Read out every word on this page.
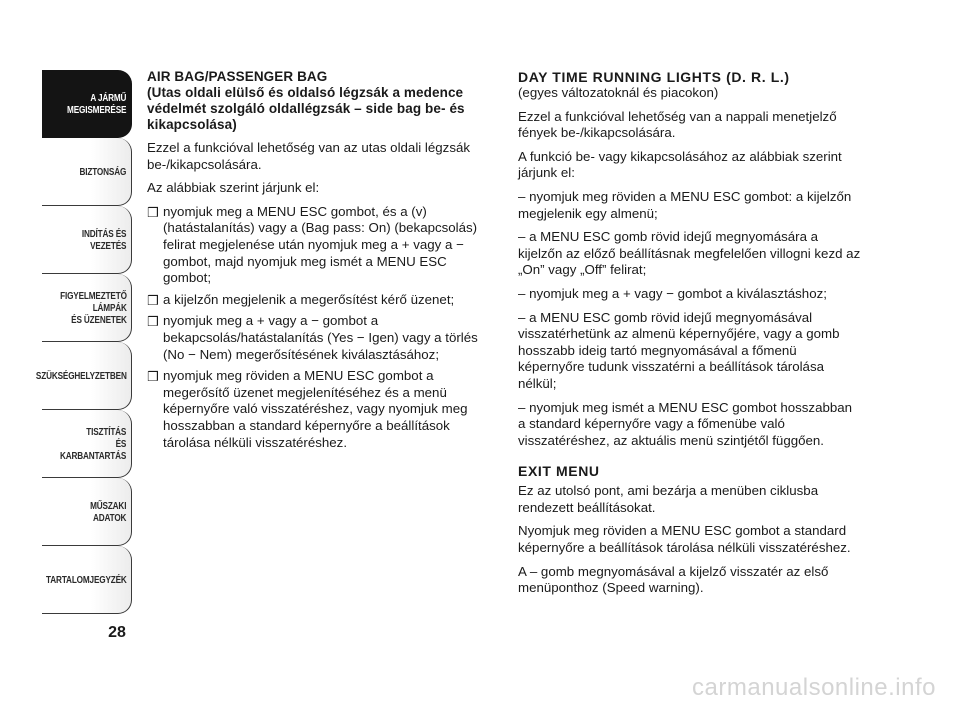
A JÁRMŰ
MEGISMERÉSE
BIZTONSÁG
INDÍTÁS ÉS VEZETÉS
FIGYELMEZTETŐ
LÁMPÁK
ÉS ÜZENETEK
SZÜKSÉGHELYZETBEN
TISZTÍTÁS
ÉS KARBANTARTÁS
MŰSZAKI ADATOK
TARTALOMJEGYZÉK
28
AIR BAG/PASSENGER BAG
(Utas oldali elülső és oldalsó légzsák a medence védelmét szolgáló oldallégzsák – side bag be- és kikapcsolása)

Ezzel a funkcióval lehetőség van az utas oldali légzsák be-/kikapcsolására.

Az alábbiak szerint járjunk el:

❒ nyomjuk meg a MENU ESC gombot, és a (v) (hatástalanítás) vagy a (Bag pass: On) (bekapcsolás) felirat megjelenése után nyomjuk meg a + vagy a − gombot, majd nyomjuk meg ismét a MENU ESC gombot;
❒ a kijelzőn megjelenik a megerősítést kérő üzenet;
❒ nyomjuk meg a + vagy a − gombot a bekapcsolás/hatástalanítás (Yes − Igen) vagy a törlés (No − Nem) megerősítésének kiválasztásához;
❒ nyomjuk meg röviden a MENU ESC gombot a megerősítő üzenet megjelenítéséhez és a menü képernyőre való visszatéréshez, vagy nyomjuk meg hosszabban a standard képernyőre a beállítások tárolása nélküli visszatéréshez.
DAY TIME RUNNING LIGHTS (D. R. L.)

(egyes változatoknál és piacokon)

Ezzel a funkcióval lehetőség van a nappali menetjelző fények be-/kikapcsolására.

A funkció be- vagy kikapcsolásához az alábbiak szerint járjunk el:

– nyomjuk meg röviden a MENU ESC gombot: a kijelzőn megjelenik egy almenü;

– a MENU ESC gomb rövid idejű megnyomására a kijelzőn az előző beállításnak megfelelően villogni kezd az „On” vagy „Off” felirat;

– nyomjuk meg a + vagy − gombot a kiválasztáshoz;

– a MENU ESC gomb rövid idejű megnyomásával visszatérhetünk az almenü képernyőjére, vagy a gomb hosszabb ideig tartó megnyomásával a főmenü képernyőre tudunk visszatérni a beállítások tárolása nélkül;

– nyomjuk meg ismét a MENU ESC gombot hosszabban a standard képernyőre vagy a főmenübe való visszatéréshez, az aktuális menü szintjétől függően.

EXIT MENU

Ez az utolsó pont, ami bezárja a menüben ciklusba rendezett beállításokat.

Nyomjuk meg röviden a MENU ESC gombot a standard képernyőre a beállítások tárolása nélküli visszatéréshez.

A – gomb megnyomásával a kijelző visszatér az első menüponthoz (Speed warning).

carmanualsonline.info
